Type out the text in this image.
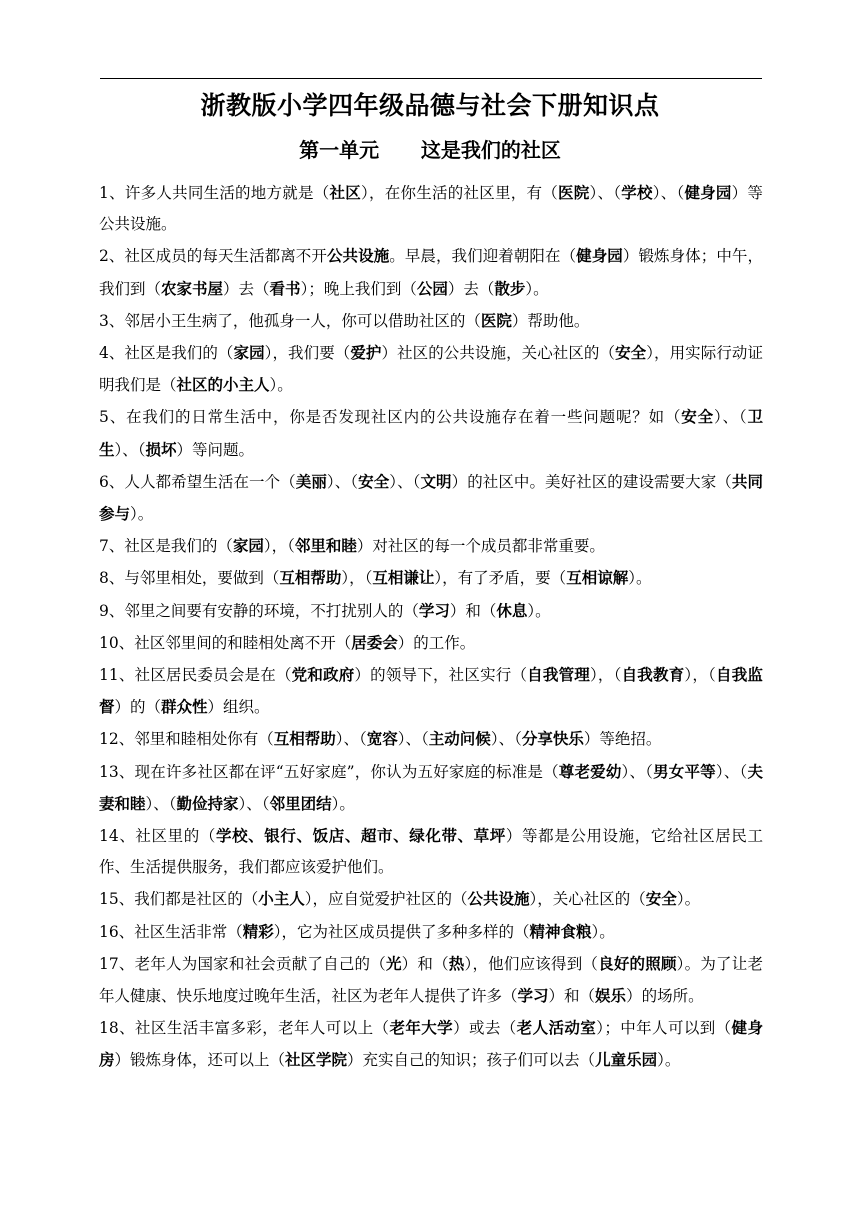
浙教版小学四年级品德与社会下册知识点
第一单元      这是我们的社区

1、许多人共同生活的地方就是（社区），在你生活的社区里，有（医院）、（学校）、（健身园）等公共设施。

2、社区成员的每天生活都离不开公共设施。早晨，我们迎着朝阳在（健身园）锻炼身体；中午，我们到（农家书屋）去（看书）；晚上我们到（公园）去（散步）。

3、邻居小王生病了，他孤身一人，你可以借助社区的（医院）帮助他。

4、社区是我们的（家园），我们要（爱护）社区的公共设施，关心社区的（安全），用实际行动证明我们是（社区的小主人）。

5、在我们的日常生活中，你是否发现社区内的公共设施存在着一些问题呢？如（安全）、（卫生）、（损坏）等问题。

6、人人都希望生活在一个（美丽）、（安全）、（文明）的社区中。美好社区的建设需要大家（共同参与）。

7、社区是我们的（家园），（邻里和睦）对社区的每一个成员都非常重要。

8、与邻里相处，要做到（互相帮助），（互相谦让），有了矛盾，要（互相谅解）。

9、邻里之间要有安静的环境，不打扰别人的（学习）和（休息）。

10、社区邻里间的和睦相处离不开（居委会）的工作。

11、社区居民委员会是在（党和政府）的领导下，社区实行（自我管理），（自我教育），（自我监督）的（群众性）组织。

12、邻里和睦相处你有（互相帮助）、（宽容）、（主动问候）、（分享快乐）等绝招。

13、现在许多社区都在评“五好家庭”，你认为五好家庭的标准是（尊老爱幼）、（男女平等）、（夫妻和睦）、（勤俭持家）、（邻里团结）。

14、社区里的（学校、银行、饭店、超市、绿化带、草坪）等都是公用设施，它给社区居民工作、生活提供服务，我们都应该爱护他们。

15、我们都是社区的（小主人），应自觉爱护社区的（公共设施），关心社区的（安全）。

16、社区生活非常（精彩），它为社区成员提供了多种多样的（精神食粮）。

17、老年人为国家和社会贡献了自己的（光）和（热），他们应该得到（良好的照顾）。为了让老年人健康、快乐地度过晚年生活，社区为老年人提供了许多（学习）和（娱乐）的场所。

18、社区生活丰富多彩，老年人可以上（老年大学）或去（老人活动室）；中年人可以到（健身房）锻炼身体，还可以上（社区学院）充实自己的知识；孩子们可以去（儿童乐园）。
